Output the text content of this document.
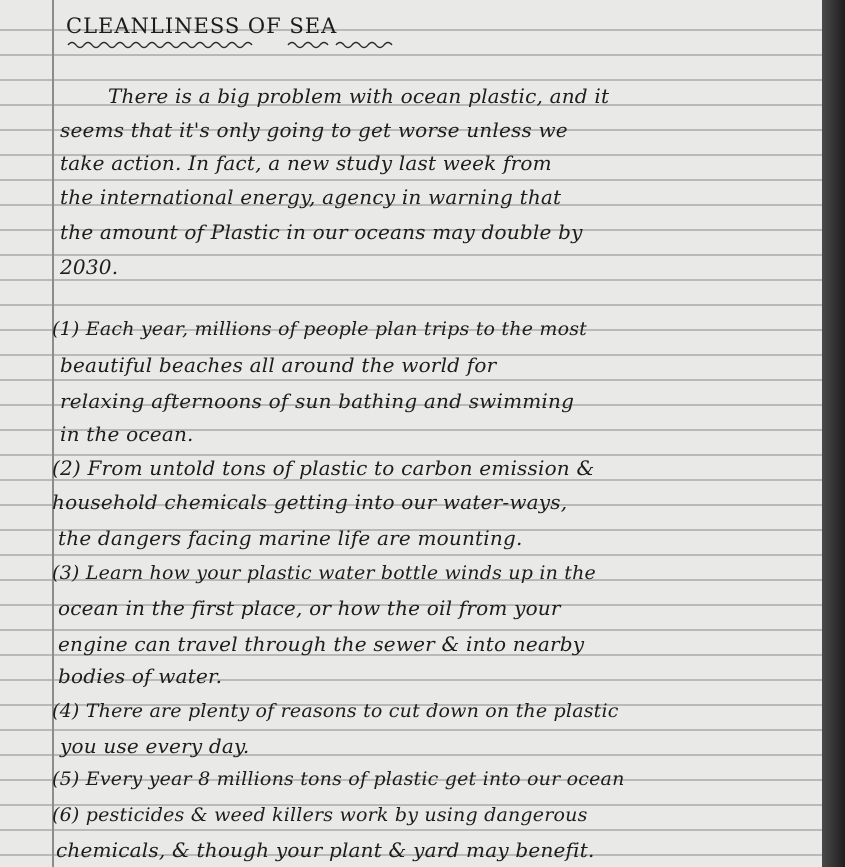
CLEANLINESS OF SEA
There is a big problem with ocean plastic, and it
seems that it's only going to get worse unless we
take action. In fact, a new study last week from
the international energy, agency in warning that
the amount of Plastic in our oceans may double by
2030.
(1) Each year, millions of people plan trips to the most
beautiful beaches all around the world for
relaxing afternoons of sun bathing and swimming
in the ocean.
(2) From untold tons of plastic to carbon emission &
household chemicals getting into our water-ways,
the dangers facing marine life are mounting.
(3) Learn how your plastic water bottle winds up in the
ocean in the first place, or how the oil from your
engine can travel through the sewer & into nearby
bodies of water.
(4) There are plenty of reasons to cut down on the plastic
you use every day.
(5) Every year 8 millions tons of plastic get into our ocean
(6) pesticides & weed killers work by using dangerous
chemicals, & though your plant & yard may benefit.
